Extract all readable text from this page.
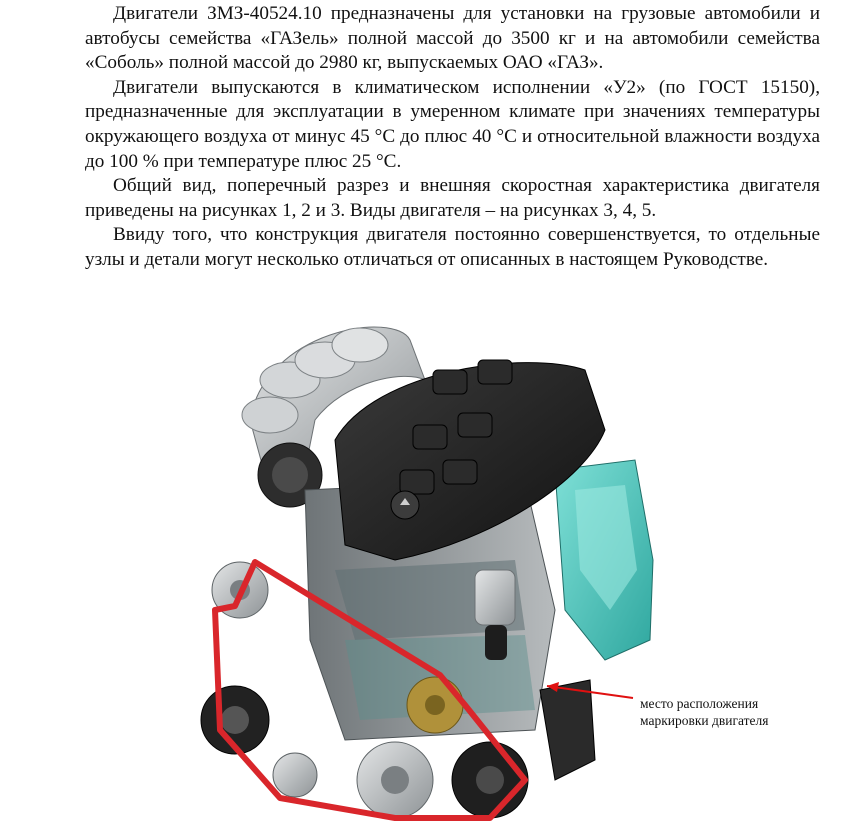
Двигатели ЗМЗ-40524.10 предназначены для установки на грузовые автомобили и автобусы семейства «ГАЗель» полной массой до 3500 кг и на автомобили семейства «Соболь» полной массой до 2980 кг, выпускаемых ОАО «ГАЗ».

Двигатели выпускаются в климатическом исполнении «У2» (по ГОСТ 15150), предназначенные для эксплуатации в умеренном климате при значениях температуры окружающего воздуха от минус 45 °С до плюс 40 °С и относительной влажности воздуха до 100 % при температуре плюс 25 °С.

Общий вид, поперечный разрез и внешняя скоростная характеристика двигателя приведены на рисунках 1, 2 и 3. Виды двигателя – на рисунках 3, 4, 5.

Ввиду того, что конструкция двигателя постоянно совершенствуется, то отдельные узлы и детали могут несколько отличаться от описанных в настоящем Руководстве.

место расположения
маркировки двигателя
